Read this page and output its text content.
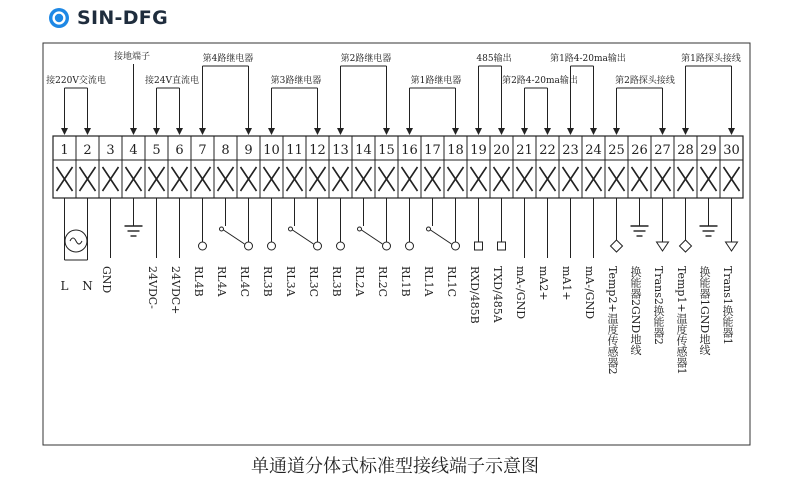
SIN-DFG
1 2 3 4 5 6 7 8 9 10 11 12 13 14 15 16 17 18 19 20 21 22 23 24 25 26 27 28 29 30
接220V交流电
接地端子
接24V直流电
第4路继电器
第3路继电器
第2路继电器
第1路继电器
485输出
第2路4-20ma输出
第1路4-20ma输出
第2路探头接线
第1路探头接线
L N GND	24VDC- 24VDC+ RL4B RL4A RL4C RL3B RL3A RL3C RL3B RL2A RL2C RL1B RL1A RL1C RXD/485B TXD/485A mA-/GND mA2+ mA1+ mA-/GND Temp2+温度传感器2 换能器2GND地线 Trans2换能器2 Temp1+温度传感器1 换能器1GND地线 Trans1换能器1
单通道分体式标准型接线端子示意图
